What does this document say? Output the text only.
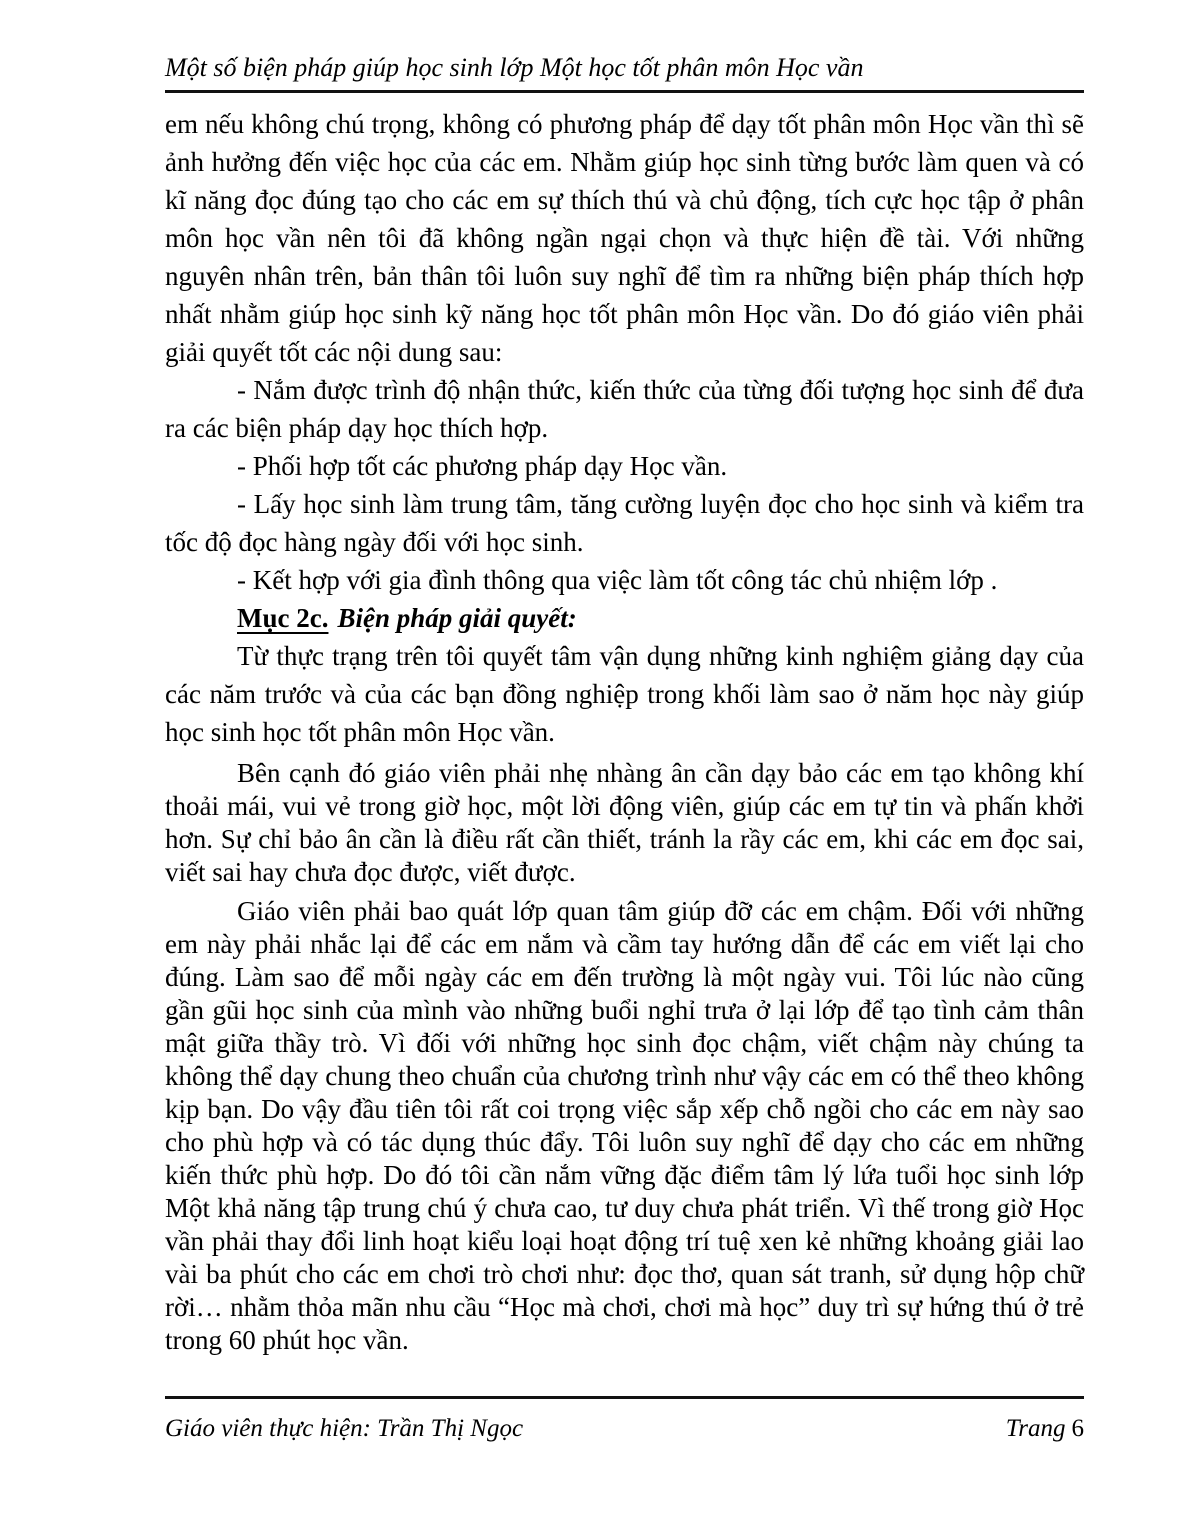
Một số biện pháp giúp học sinh lớp Một học tốt phân môn Học vần

em nếu không chú trọng, không có phương pháp để dạy tốt phân môn Học vần thì sẽ ảnh hưởng đến việc học của các em. Nhằm giúp học sinh từng bước làm quen và có kĩ năng đọc đúng tạo cho các em sự thích thú và chủ động, tích cực học tập ở phân môn học vần nên tôi đã không ngần ngại chọn và thực hiện đề tài. Với những nguyên nhân trên, bản thân tôi luôn suy nghĩ để tìm ra những biện pháp thích hợp nhất nhằm giúp học sinh kỹ năng học tốt phân môn Học vần. Do đó giáo viên phải giải quyết tốt các nội dung sau:

- Nắm được trình độ nhận thức, kiến thức của từng đối tượng học sinh để đưa ra các biện pháp dạy học thích hợp.

- Phối hợp tốt các phương pháp dạy Học vần.

- Lấy học sinh làm trung tâm, tăng cường luyện đọc cho học sinh và kiểm tra tốc độ đọc hàng ngày đối với học sinh.

- Kết hợp với gia đình thông qua việc làm tốt công tác chủ nhiệm lớp .

Mục 2c. Biện pháp giải quyết:

Từ thực trạng trên tôi quyết tâm vận dụng những kinh nghiệm giảng dạy của các năm trước và của các bạn đồng nghiệp trong khối làm sao ở năm học này giúp học sinh học tốt phân môn Học vần.

Bên cạnh đó giáo viên phải nhẹ nhàng ân cần dạy bảo các em tạo không khí thoải mái, vui vẻ trong giờ học, một lời động viên, giúp các em tự tin và phấn khởi hơn. Sự chỉ bảo ân cần là điều rất cần thiết, tránh la rầy các em, khi các em đọc sai, viết sai hay chưa đọc được, viết được.

Giáo viên phải bao quát lớp quan tâm giúp đỡ các em chậm. Đối với những em này phải nhắc lại để các em nắm và cầm tay hướng dẫn để các em viết lại cho đúng. Làm sao để mỗi ngày các em đến trường là một ngày vui. Tôi lúc nào cũng gần gũi học sinh của mình vào những buổi nghỉ trưa ở lại lớp để tạo tình cảm thân mật giữa thầy trò. Vì đối với những học sinh đọc chậm, viết chậm này chúng ta không thể dạy chung theo chuẩn của chương trình như vậy các em có thể theo không kịp bạn. Do vậy đầu tiên tôi rất coi trọng việc sắp xếp chỗ ngồi cho các em này sao cho phù hợp và có tác dụng thúc đẩy. Tôi luôn suy nghĩ để dạy cho các em những kiến thức phù hợp. Do đó tôi cần nắm vững đặc điểm tâm lý lứa tuổi học sinh lớp Một khả năng tập trung chú ý chưa cao, tư duy chưa phát triển. Vì thế trong giờ Học vần phải thay đổi linh hoạt kiểu loại hoạt động trí tuệ xen kẻ những khoảng giải lao vài ba phút cho các em chơi trò chơi như: đọc thơ, quan sát tranh, sử dụng hộp chữ rời… nhằm thỏa mãn nhu cầu “Học mà chơi, chơi mà học” duy trì sự hứng thú ở trẻ trong 60 phút học vần.

Giáo viên thực hiện: Trần Thị Ngọc	Trang 6
